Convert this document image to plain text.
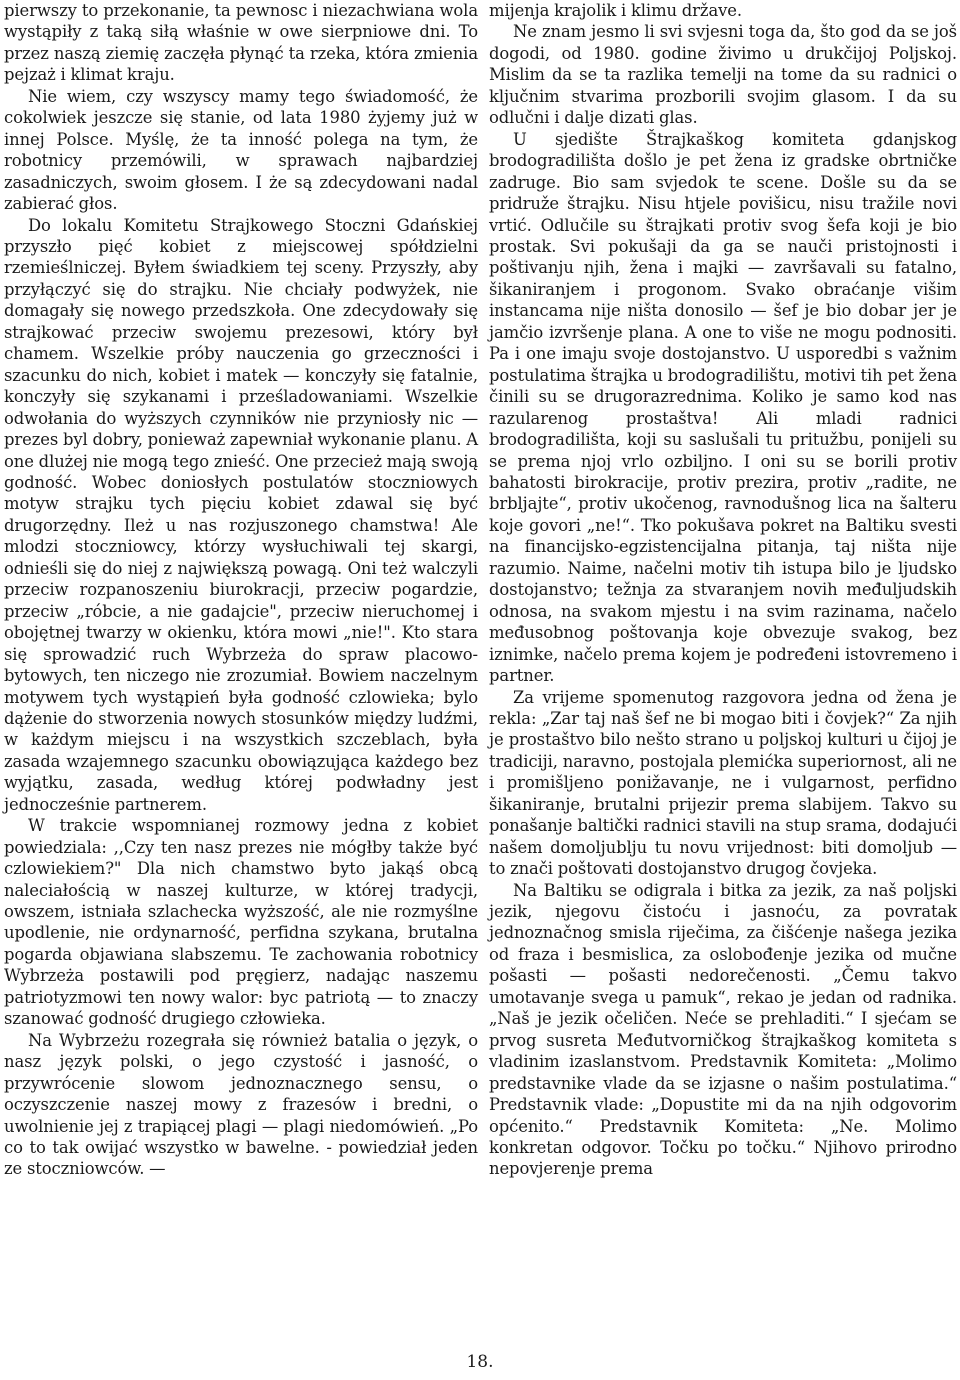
pierwszy to przekonanie, ta pewnosc i niezachwiana wola wystąpiły z taką siłą właśnie w owe sierpniowe dni. To przez naszą ziemię zaczęła płynąć ta rzeka, która zmienia pejzaż i klimat kraju.

Nie wiem, czy wszyscy mamy tego świadomość, że cokolwiek jeszcze się stanie, od lata 1980 żyjemy już w innej Polsce. Myślę, że ta inność polega na tym, że robotnicy przemówili, w sprawach najbardziej zasadniczych, swoim głosem. I że są zdecydowani nadal zabierać głos.

Do lokalu Komitetu Strajkowego Stoczni Gdańskiej przyszło pięć kobiet z miejscowej spółdzielni rzemieślniczej. Byłem świadkiem tej sceny. Przyszły, aby przyłączyć się do strajku. Nie chciały podwyżek, nie domagały się nowego przedszkoła. One zdecydowały się strajkować przeciw swojemu prezesowi, który był chamem. Wszelkie próby nauczenia go grzeczności i szacunku do nich, kobiet i matek — konczyły się fatalnie, konczyły się szykanami i prześladowaniami. Wszelkie odwołania do wyższych czynników nie przyniosły nic — prezes byl dobry, ponieważ zapewniał wykonanie planu. A one dlużej nie mogą tego znieść. One przecież mają swoją godność. Wobec doniosłych postulatów stoczniowych motyw strajku tych pięciu kobiet zdawal się być drugorzędny. Ileż u nas rozjuszonego chamstwa! Ale mlodzi stoczniowcy, którzy wysłuchiwali tej skargi, odnieśli się do niej z największą powagą. Oni też walczyli przeciw rozpanoszeniu biurokracji, przeciw pogardzie, przeciw „róbcie, a nie gadajcie", przeciw nieruchomej i obojętnej twarzy w okienku, która mowi „nie!". Kto stara się sprowadzić ruch Wybrzeża do spraw placowo-bytowych, ten niczego nie zrozumiał. Bowiem naczelnym motywem tych wystąpień była godność czlowieka; bylo dążenie do stworzenia nowych stosunków między ludźmi, w każdym miejscu i na wszystkich szczeblach, była zasada wzajemnego szacunku obowiązująca każdego bez wyjątku, zasada, według której podwładny jest jednocześnie partnerem.

W trakcie wspomnianej rozmowy jedna z kobiet powiedziala: ,,Czy ten nasz prezes nie mógłby także być czlowiekiem?" Dla nich chamstwo byto jakąś obcą naleciałością w naszej kulturze, w której tradycji, owszem, istniała szlachecka wyższość, ale nie rozmyślne upodlenie, nie ordynarność, perfidna szykana, brutalna pogarda objawiana slabszemu. Te zachowania robotnicy Wybrzeża postawili pod pręgierz, nadając naszemu patriotyzmowi ten nowy walor: byc patriotą — to znaczy szanować godność drugiego człowieka.

Na Wybrzeżu rozegrała się również batalia o język, o nasz język polski, o jego czystość i jasność, o przywrócenie slowom jednoznacznego sensu, o oczyszczenie naszej mowy z frazesów i bredni, o uwolnienie jej z trapiącej plagi — plagi niedomówień. „Po co to tak owijać wszystko w bawelne. - powiedział jeden ze stoczniowców. —

mijenja krajolik i klimu države.

Ne znam jesmo li svi svjesni toga da, što god da se još dogodi, od 1980. godine živimo u drukčijoj Poljskoj. Mislim da se ta razlika temelji na tome da su radnici o ključnim stvarima prozborili svojim glasom. I da su odlučni i dalje dizati glas.

U sjedište Štrajkaškog komiteta gdanjskog brodogradilišta došlo je pet žena iz gradske obrtničke zadruge. Bio sam svjedok te scene. Došle su da se pridruže štrajku. Nisu htjele povišicu, nisu tražile novi vrtić. Odlučile su štrajkati protiv svog šefa koji je bio prostak. Svi pokušaji da ga se nauči pristojnosti i poštivanju njih, žena i majki — završavali su fatalno, šikaniranjem i progonom. Svako obraćanje višim instancama nije ništa donosilo — šef je bio dobar jer je jamčio izvršenje plana. A one to više ne mogu podnositi. Pa i one imaju svoje dostojanstvo. U usporedbi s važnim postulatima štrajka u brodogradilištu, motivi tih pet žena činili su se drugorazrednima. Koliko je samo kod nas razularenog prostaštva! Ali mladi radnici brodogradilišta, koji su saslušali tu pritužbu, ponijeli su se prema njoj vrlo ozbiljno. I oni su se borili protiv bahatosti birokracije, protiv prezira, protiv „radite, ne brbljajte“, protiv ukočenog, ravnodušnog lica na šalteru koje govori „ne!“. Tko pokušava pokret na Baltiku svesti na financijsko-egzistencijalna pitanja, taj ništa nije razumio. Naime, načelni motiv tih istupa bilo je ljudsko dostojanstvo; težnja za stvaranjem novih međuljudskih odnosa, na svakom mjestu i na svim razinama, načelo međusobnog poštovanja koje obvezuje svakog, bez iznimke, načelo prema kojem je podređeni istovremeno i partner.

Za vrijeme spomenutog razgovora jedna od žena je rekla: „Zar taj naš šef ne bi mogao biti i čovjek?“ Za njih je prostaštvo bilo nešto strano u poljskoj kulturi u čijoj je tradiciji, naravno, postojala plemićka superiornost, ali ne i promišljeno ponižavanje, ne i vulgarnost, perfidno šikaniranje, brutalni prijezir prema slabijem. Takvo su ponašanje baltički radnici stavili na stup srama, dodajući našem domoljublju tu novu vrijednost: biti domoljub — to znači poštovati dostojanstvo drugog čovjeka.

Na Baltiku se odigrala i bitka za jezik, za naš poljski jezik, njegovu čistoću i jasnoću, za povratak jednoznačnog smisla riječima, za čišćenje našega jezika od fraza i besmislica, za oslobođenje jezika od mučne pošasti — pošasti nedorečenosti. „Čemu takvo umotavanje svega u pamuk“, rekao je jedan od radnika. „Naš je jezik očeličen. Neće se prehladiti.“ I sjećam se prvog susreta Međutvorničkog štrajkaškog komiteta s vladinim izaslanstvom. Predstavnik Komiteta: „Molimo predstavnike vlade da se izjasne o našim postulatima.“ Predstavnik vlade: „Dopustite mi da na njih odgovorim općenito.“ Predstavnik Komiteta: „Ne. Molimo konkretan odgovor. Točku po točku.“ Njihovo prirodno nepovjerenje prema

18.
